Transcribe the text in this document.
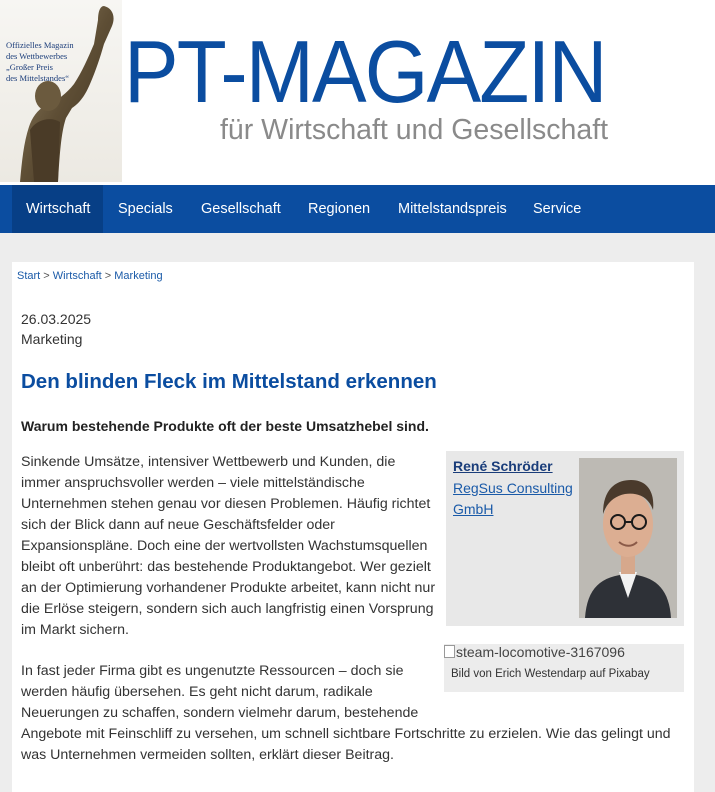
Offizielles Magazin
des Wettbewerbes
„Großer Preis
des Mittelstandes“ PT-MAGAZIN
für Wirtschaft und Gesellschaft
Wirtschaft	Specials	Gesellschaft	Regionen	Mittelstandspreis	Service
Start > Wirtschaft > Marketing
26.03.2025
Marketing
Den blinden Fleck im Mittelstand erkennen
Warum bestehende Produkte oft der beste Umsatzhebel sind.
Sinkende Umsätze, intensiver Wettbewerb und Kunden, die
immer anspruchsvoller werden – viele mittelständische
Unternehmen stehen genau vor diesen Problemen. Häufig richtet
sich der Blick dann auf neue Geschäftsfelder oder
Expansionspläne. Doch eine der wertvollsten Wachstumsquellen
bleibt oft unberührt: das bestehende Produktangebot. Wer gezielt
an der Optimierung vorhandener Produkte arbeitet, kann nicht nur
die Erlöse steigern, sondern sich auch langfristig einen Vorsprung
im Markt sichern.
In fast jeder Firma gibt es ungenutzte Ressourcen – doch sie
werden häufig übersehen. Es geht nicht darum, radikale
Neuerungen zu schaffen, sondern vielmehr darum, bestehende
Angebote mit Feinschliff zu versehen, um schnell sichtbare Fortschritte zu erzielen. Wie das gelingt und
was Unternehmen vermeiden sollten, erklärt dieser Beitrag.
René Schröder
RegSus Consulting
GmbH
steam-locomotive-3167096
Bild von Erich Westendarp auf Pixabay
